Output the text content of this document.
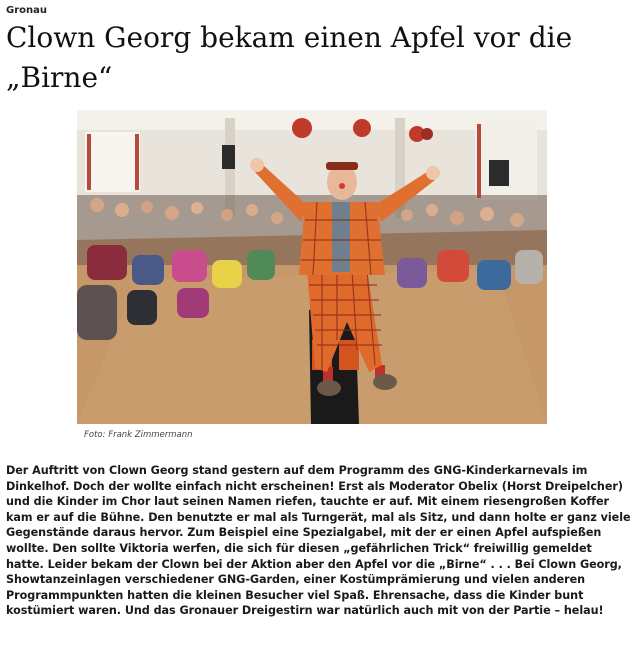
Gronau
Clown Georg bekam einen Apfel vor die „Birne“
Foto: Frank Zimmermann

Der Auftritt von Clown Georg stand gestern auf dem Programm des GNG-Kinderkarnevals im Dinkelhof. Doch der wollte einfach nicht erscheinen! Erst als Moderator Obelix (Horst Dreipelcher) und die Kinder im Chor laut seinen Namen riefen, tauchte er auf. Mit einem riesengroßen Koffer kam er auf die Bühne. Den benutzte er mal als Turngerät, mal als Sitz, und dann holte er ganz viele Gegenstände daraus hervor. Zum Beispiel eine Spezialgabel, mit der er einen Apfel aufspießen wollte. Den sollte Viktoria werfen, die sich für diesen „gefährlichen Trick“ freiwillig gemeldet hatte. Leider bekam der Clown bei der Aktion aber den Apfel vor die „Birne“ . . . Bei Clown Georg, Showtanzeinlagen verschiedener GNG-Garden, einer Kostümprämierung und vielen anderen Programmpunkten hatten die kleinen Besucher viel Spaß. Ehrensache, dass die Kinder bunt kostümiert waren. Und das Gronauer Dreigestirn war natürlich auch mit von der Partie – helau!
